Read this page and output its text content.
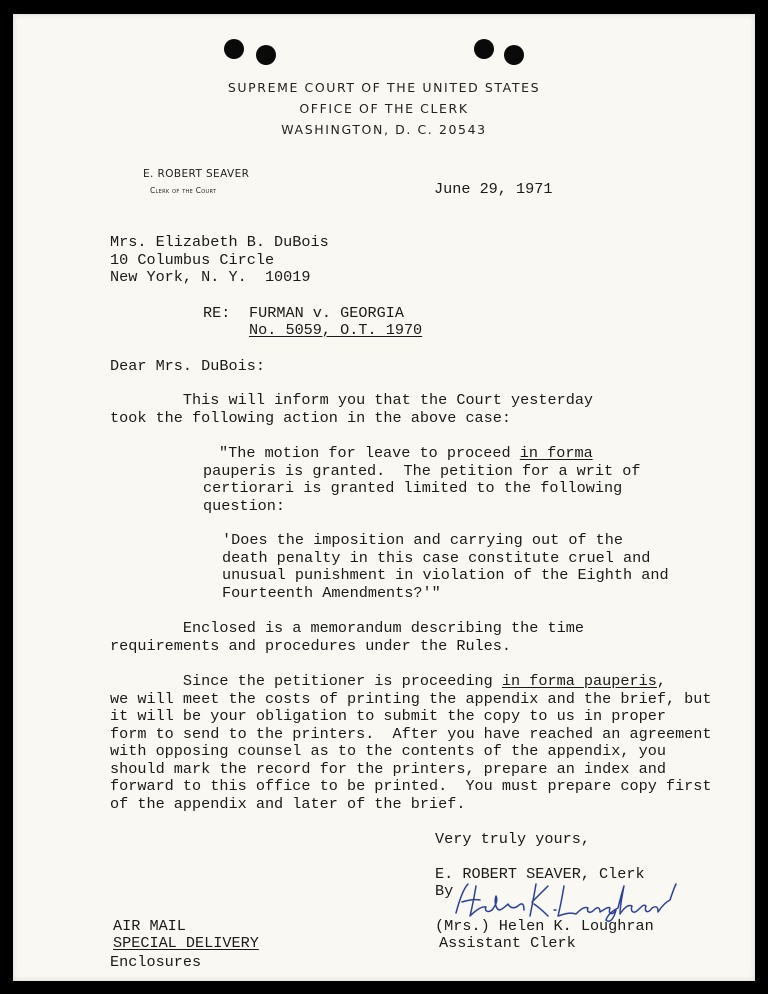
SUPREME COURT OF THE UNITED STATES
OFFICE OF THE CLERK
WASHINGTON, D. C. 20543
E. ROBERT SEAVER
Clerk of the Court	June 29, 1971
Mrs. Elizabeth B. DuBois
10 Columbus Circle
New York, N. Y.  10019
RE: FURMAN v. GEORGIA
No. 5059, O.T. 1970
Dear Mrs. DuBois:
This will inform you that the Court yesterday
took the following action in the above case:
"The motion for leave to proceed in forma
pauperis is granted.  The petition for a writ of
certiorari is granted limited to the following
question:
'Does the imposition and carrying out of the
death penalty in this case constitute cruel and
unusual punishment in violation of the Eighth and
Fourteenth Amendments?'"
Enclosed is a memorandum describing the time
requirements and procedures under the Rules.
Since the petitioner is proceeding in forma pauperis,
we will meet the costs of printing the appendix and the brief, but
it will be your obligation to submit the copy to us in proper
form to send to the printers.  After you have reached an agreement
with opposing counsel as to the contents of the appendix, you
should mark the record for the printers, prepare an index and
forward to this office to be printed.  You must prepare copy first
of the appendix and later of the brief.
Very truly yours,
E. ROBERT SEAVER, Clerk
By
(Mrs.) Helen K. Loughran
Assistant Clerk
AIR MAIL
SPECIAL DELIVERY
Enclosures
